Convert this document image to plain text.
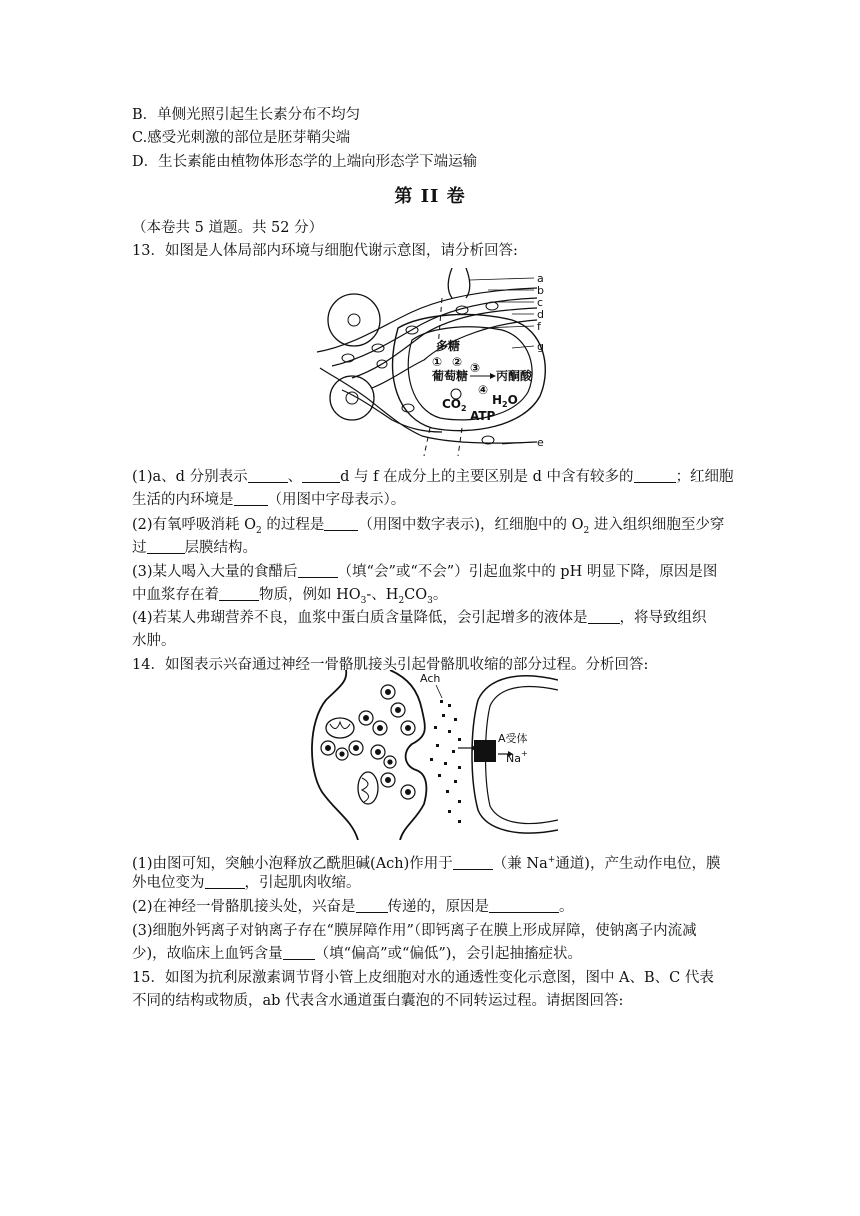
B．单侧光照引起生长素分布不均匀
C.感受光刺激的部位是胚芽鞘尖端
D．生长素能由植物体形态学的上端向形态学下端运输
第 II 卷
（本卷共 5 道题。共 52 分）
13．如图是人体局部内环境与细胞代谢示意图，请分析回答:
a
b
c
d
f
g
e
多糖
① ②
葡萄糖
③
丙酮酸
④
$CO_2$
$H_2O$
ATP
(1)a、d 分别表示	、	d 与 f 在成分上的主要区别是 d 中含有较多的	；红细胞
生活的内环境是 （用图中字母表示）。
(2)有氧呼吸消耗 $O_2$ 的过程是 （用图中数字表示)，红细胞中的 $O_2$ 进入组织细胞至少穿
过	层膜结构。
(3)某人喝入大量的食醋后	（填“会”或“不会”）引起血浆中的 pH 明显下降，原因是图
中血浆存在着	物质，例如 $HO_3-$、$H_2CO_3$。
(4)若某人弗瑚营养不良，血浆中蛋白质含量降低，会引起增多的液体是 ，将导致组织
水肿。
14．如图表示兴奋通过神经一骨骼肌接头引起骨骼肌收缩的部分过程。分析回答:
Ach
A受体
Na+
(1)由图可知，突触小泡释放乙酰胆碱(Ach)作用于	（兼 Na+通道)，产生动作电位，膜
外电位变为	，引起肌肉收缩。
(2)在神经一骨骼肌接头处，兴奋是 传递的，原因是	。
(3)细胞外钙离子对钠离子存在“膜屏障作用”（即钙离子在膜上形成屏障，使钠离子内流减
少)，故临床上血钙含量 （填“偏高”或“偏低”)，会引起抽搐症状。
15．如图为抗利尿激素调节肾小管上皮细胞对水的通透性变化示意图，图中 A、B、C 代表
不同的结构或物质，ab 代表含水通道蛋白囊泡的不同转运过程。请据图回答:
